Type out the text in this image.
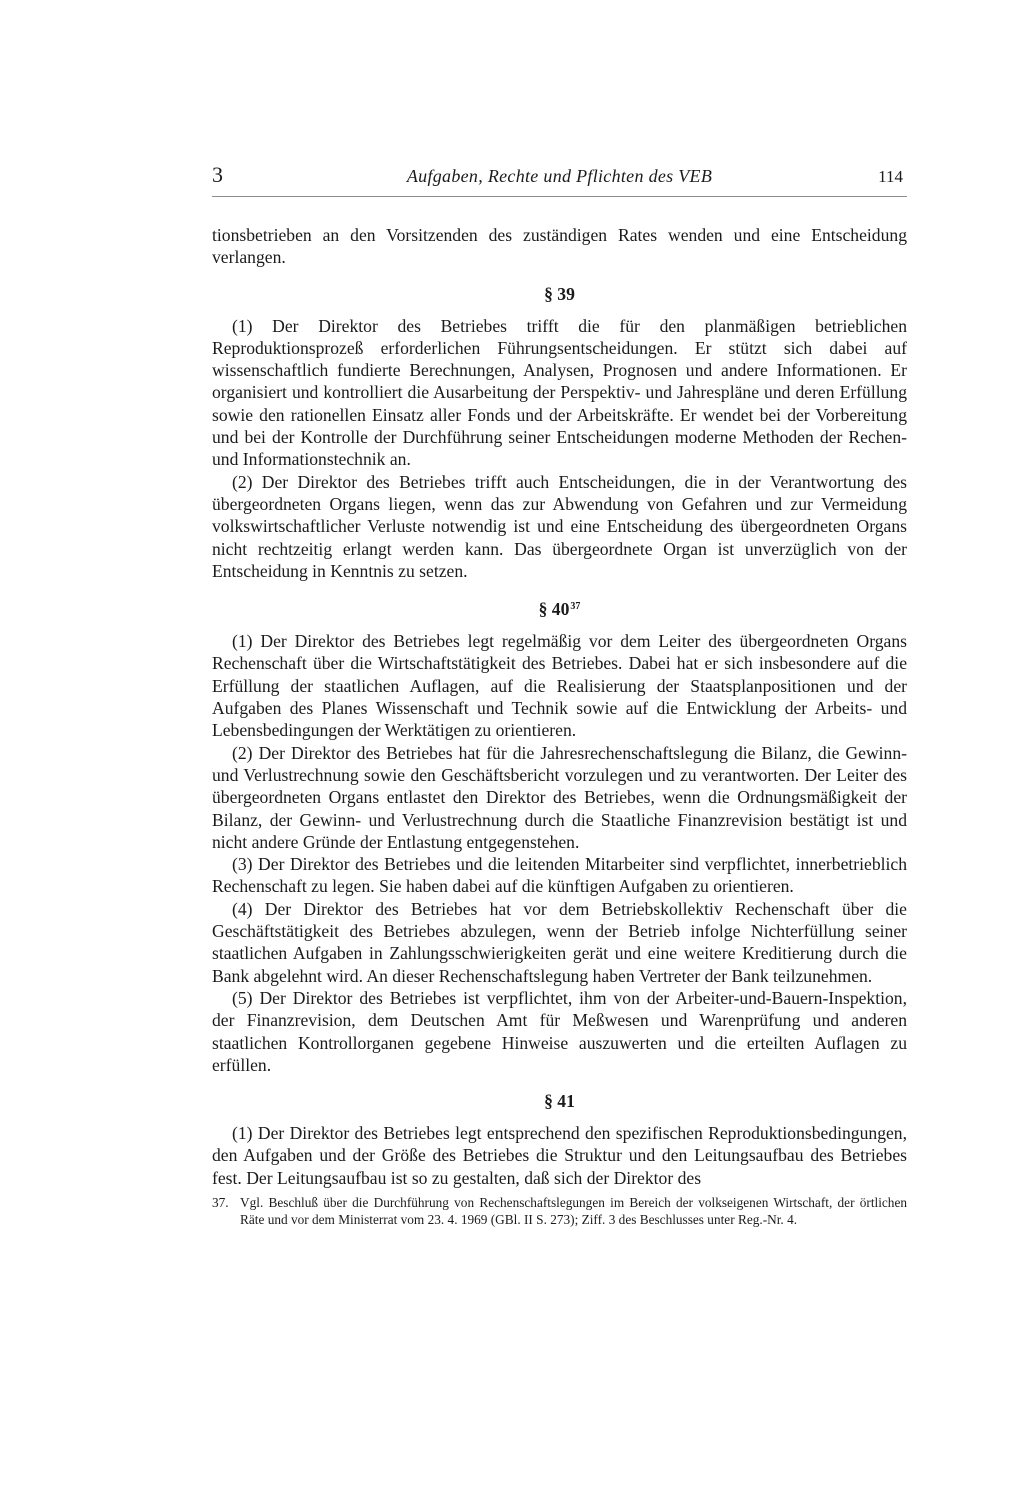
3	Aufgaben, Rechte und Pflichten des VEB	114

tionsbetrieben an den Vorsitzenden des zuständigen Rates wenden und eine Entscheidung verlangen.

§ 39

(1) Der Direktor des Betriebes trifft die für den planmäßigen betrieblichen Reproduktionsprozeß erforderlichen Führungsentscheidungen. Er stützt sich dabei auf wissenschaftlich fundierte Berechnungen, Analysen, Prognosen und andere Informationen. Er organisiert und kontrolliert die Ausarbeitung der Perspektiv- und Jahrespläne und deren Erfüllung sowie den rationellen Einsatz aller Fonds und der Arbeitskräfte. Er wendet bei der Vorbereitung und bei der Kontrolle der Durchführung seiner Entscheidungen moderne Methoden der Rechen- und Informationstechnik an.

(2) Der Direktor des Betriebes trifft auch Entscheidungen, die in der Verantwortung des übergeordneten Organs liegen, wenn das zur Abwendung von Gefahren und zur Vermeidung volkswirtschaftlicher Verluste notwendig ist und eine Entscheidung des übergeordneten Organs nicht rechtzeitig erlangt werden kann. Das übergeordnete Organ ist unverzüglich von der Entscheidung in Kenntnis zu setzen.

§ $40^{37}$

(1) Der Direktor des Betriebes legt regelmäßig vor dem Leiter des übergeordneten Organs Rechenschaft über die Wirtschaftstätigkeit des Betriebes. Dabei hat er sich insbesondere auf die Erfüllung der staatlichen Auflagen, auf die Realisierung der Staatsplanpositionen und der Aufgaben des Planes Wissenschaft und Technik sowie auf die Entwicklung der Arbeits- und Lebensbedingungen der Werktätigen zu orientieren.

(2) Der Direktor des Betriebes hat für die Jahresrechenschaftslegung die Bilanz, die Gewinn- und Verlustrechnung sowie den Geschäftsbericht vorzulegen und zu verantworten. Der Leiter des übergeordneten Organs entlastet den Direktor des Betriebes, wenn die Ordnungsmäßigkeit der Bilanz, der Gewinn- und Verlustrechnung durch die Staatliche Finanzrevision bestätigt ist und nicht andere Gründe der Entlastung entgegenstehen.

(3) Der Direktor des Betriebes und die leitenden Mitarbeiter sind verpflichtet, innerbetrieblich Rechenschaft zu legen. Sie haben dabei auf die künftigen Aufgaben zu orientieren.

(4) Der Direktor des Betriebes hat vor dem Betriebskollektiv Rechenschaft über die Geschäftstätigkeit des Betriebes abzulegen, wenn der Betrieb infolge Nichterfüllung seiner staatlichen Aufgaben in Zahlungsschwierigkeiten gerät und eine weitere Kreditierung durch die Bank abgelehnt wird. An dieser Rechenschaftslegung haben Vertreter der Bank teilzunehmen.

(5) Der Direktor des Betriebes ist verpflichtet, ihm von der Arbeiter-und-Bauern-Inspektion, der Finanzrevision, dem Deutschen Amt für Meßwesen und Warenprüfung und anderen staatlichen Kontrollorganen gegebene Hinweise auszuwerten und die erteilten Auflagen zu erfüllen.

§ 41

(1) Der Direktor des Betriebes legt entsprechend den spezifischen Reproduktionsbedingungen, den Aufgaben und der Größe des Betriebes die Struktur und den Leitungsaufbau des Betriebes fest. Der Leitungsaufbau ist so zu gestalten, daß sich der Direktor des

37. Vgl. Beschluß über die Durchführung von Rechenschaftslegungen im Bereich der volkseigenen Wirtschaft, der örtlichen Räte und vor dem Ministerrat vom 23. 4. 1969 (GBl. II S. 273); Ziff. 3 des Beschlusses unter Reg.-Nr. 4.
